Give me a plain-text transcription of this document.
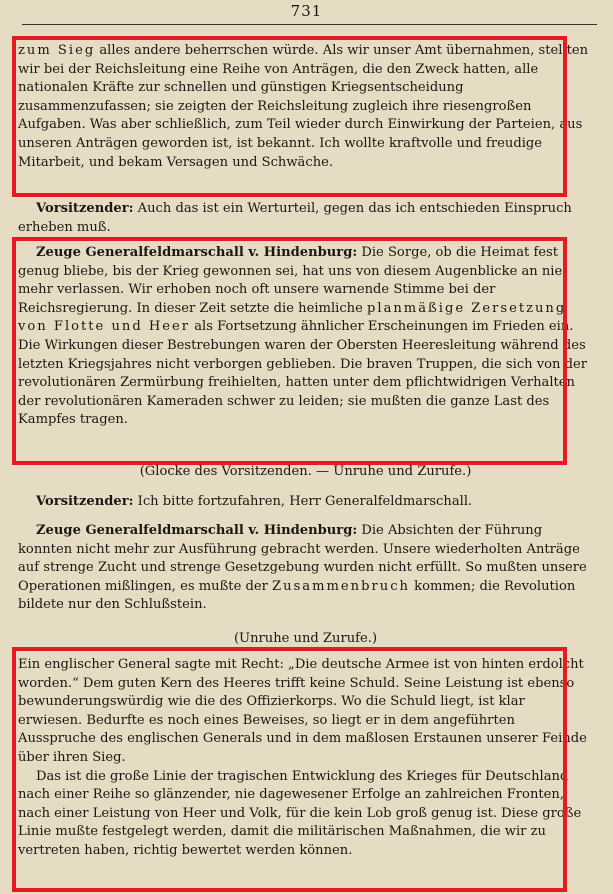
731

zum Sieg alles andere beherrschen würde. Als wir unser Amt übernahmen, stellten wir bei der Reichsleitung eine Reihe von Anträgen, die den Zweck hatten, alle nationalen Kräfte zur schnellen und günstigen Kriegsentscheidung zusammenzufassen; sie zeigten der Reichsleitung zugleich ihre riesengroßen Aufgaben. Was aber schließlich, zum Teil wieder durch Einwirkung der Parteien, aus unseren Anträgen geworden ist, ist bekannt. Ich wollte kraftvolle und freudige Mitarbeit, und bekam Versagen und Schwäche.

Vorsitzender: Auch das ist ein Werturteil, gegen das ich entschieden Einspruch erheben muß.

Zeuge Generalfeldmarschall v. Hindenburg: Die Sorge, ob die Heimat fest genug bliebe, bis der Krieg gewonnen sei, hat uns von diesem Augenblicke an nie mehr verlassen. Wir erhoben noch oft unsere warnende Stimme bei der Reichsregierung. In dieser Zeit setzte die heimliche planmäßige Zersetzung von Flotte und Heer als Fortsetzung ähnlicher Erscheinungen im Frieden ein. Die Wirkungen dieser Bestrebungen waren der Obersten Heeresleitung während des letzten Kriegsjahres nicht verborgen geblieben. Die braven Truppen, die sich von der revolutionären Zermürbung freihielten, hatten unter dem pflichtwidrigen Verhalten der revolutionären Kameraden schwer zu leiden; sie mußten die ganze Last des Kampfes tragen.

(Glocke des Vorsitzenden. — Unruhe und Zurufe.)

Vorsitzender: Ich bitte fortzufahren, Herr Generalfeldmarschall.

Zeuge Generalfeldmarschall v. Hindenburg: Die Absichten der Führung konnten nicht mehr zur Ausführung gebracht werden. Unsere wiederholten Anträge auf strenge Zucht und strenge Gesetzgebung wurden nicht erfüllt. So mußten unsere Operationen mißlingen, es mußte der Zusammenbruch kommen; die Revolution bildete nur den Schlußstein.

(Unruhe und Zurufe.)

Ein englischer General sagte mit Recht: „Die deutsche Armee ist von hinten erdolcht worden.“ Dem guten Kern des Heeres trifft keine Schuld. Seine Leistung ist ebenso bewunderungswürdig wie die des Offizierkorps. Wo die Schuld liegt, ist klar erwiesen. Bedurfte es noch eines Beweises, so liegt er in dem angeführten Ausspruche des englischen Generals und in dem maßlosen Erstaunen unserer Feinde über ihren Sieg.

Das ist die große Linie der tragischen Entwicklung des Krieges für Deutschland nach einer Reihe so glänzender, nie dagewesener Erfolge an zahlreichen Fronten, nach einer Leistung von Heer und Volk, für die kein Lob groß genug ist. Diese große Linie mußte festgelegt werden, damit die militärischen Maßnahmen, die wir zu vertreten haben, richtig bewertet werden können.
